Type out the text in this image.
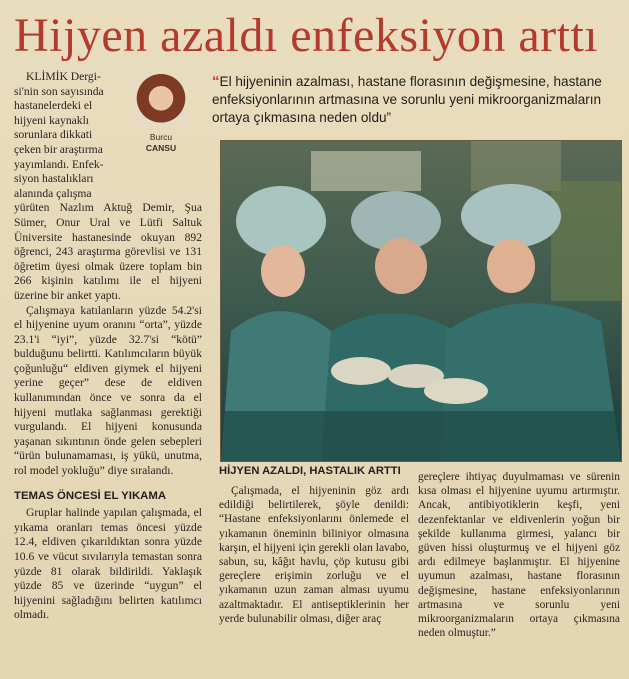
Hijyen azaldı enfeksiyon arttı
Burcu
CANSU
KLİMİK Dergi-
si'nin son sayısında
hastanelerdeki el
hijyeni kaynaklı
sorunlara dikkati
çeken bir araştırma
yayımlandı. Enfek-
siyon hastalıkları
alanında çalışma

yürüten Nazlım Aktuğ Demir, Şua Sümer, Onur Ural ve Lütfi Saltuk Üniversite hastanesinde okuyan 892 öğrenci, 243 araştırma görevlisi ve 131 öğretim üyesi olmak üzere toplam bin 266 kişinin katılımı ile el hijyeni üzerine bir anket yaptı.

Çalışmaya katılanların yüzde 54.2'si el hijyenine uyum oranını “orta”, yüzde 23.1'i “iyi”, yüzde 32.7'si “kötü” bulduğunu belirtti. Katılımcıların büyük çoğunluğu“ eldiven giymek el hijyeni yerine geçer” dese de eldiven kullanımından önce ve sonra da el hijyeni mutlaka sağlanması gerektiği vurgulandı. El hijyeni konusunda yaşanan sıkıntının önde gelen sebepleri “ürün bulunamaması, iş yükü, unutma, rol model yokluğu” diye sıralandı.

TEMAS ÖNCESİ EL YIKAMA

Gruplar halinde yapılan çalışmada, el yıkama oranları temas öncesi yüzde 12.4, eldiven çıkarıldıktan sonra yüzde 10.6 ve vücut sıvılarıyla temastan sonra yüzde 81 olarak bildirildi. Yaklaşık yüzde 85 ve üzerinde “uygun” el hijyenini sağladığını belirten katılımcı olmadı.

“El hijyeninin azalması, hastane florasının değişmesine, hastane enfeksiyonlarının artmasına ve sorunlu yeni mikroorganizmaların ortaya çıkmasına neden oldu”
HİJYEN AZALDI, HASTALIK ARTTI

Çalışmada, el hijyeninin göz ardı edildiği belirtilerek, şöyle denildi: “Hastane enfeksiyonlarını önlemede el yıkamanın öneminin biliniyor olmasına karşın, el hijyeni için gerekli olan lavabo, sabun, su, kâğıt havlu, çöp kutusu gibi gereçlere erişimin zorluğu ve el yıkamanın uzun zaman alması uyumu azaltmaktadır. El antiseptiklerinin her yerde bulunabilir olması, diğer araç

gereçlere ihtiyaç duyulmaması ve sürenin kısa olması el hijyenine uyumu artırmıştır. Ancak, antibiyotiklerin keşfi, yeni dezenfektanlar ve eldivenlerin yoğun bir şekilde kullanıma girmesi, yalancı bir güven hissi oluşturmuş ve el hijyeni göz ardı edilmeye başlanmıştır. El hijyenine uyumun azalması, hastane florasının değişmesine, hastane enfeksiyonlarının artmasına ve sorunlu yeni mikroorganizmaların ortaya çıkmasına neden olmuştur.”
